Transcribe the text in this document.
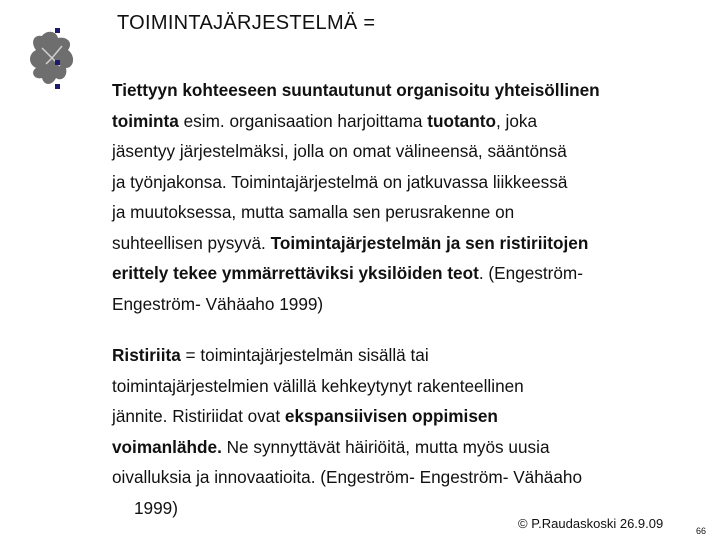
TOIMINTAJÄRJESTELMÄ =
Tiettyyn kohteeseen suuntautunut organisoitu yhteisöllinen
toiminta esim. organisaation harjoittama tuotanto, joka
jäsentyy järjestelmäksi, jolla on omat välineensä, sääntönsä
ja työnjakonsa. Toimintajärjestelmä on jatkuvassa liikkeessä
ja muutoksessa, mutta samalla sen perusrakenne on
suhteellisen pysyvä. Toimintajärjestelmän ja sen ristiriitojen
erittely tekee ymmärrettäviksi yksilöiden teot. (Engeström-
Engeström- Vähäaho 1999)
Ristiriita = toimintajärjestelmän sisällä tai
toimintajärjestelmien välillä kehkeytynyt rakenteellinen
jännite. Ristiriidat ovat ekspansiivisen oppimisen
voimanlähde. Ne synnyttävät häiriöitä, mutta myös uusia
oivalluksia ja innovaatioita. (Engeström- Engeström- Vähäaho
1999)
© P.Raudaskoski 26.9.09	66
